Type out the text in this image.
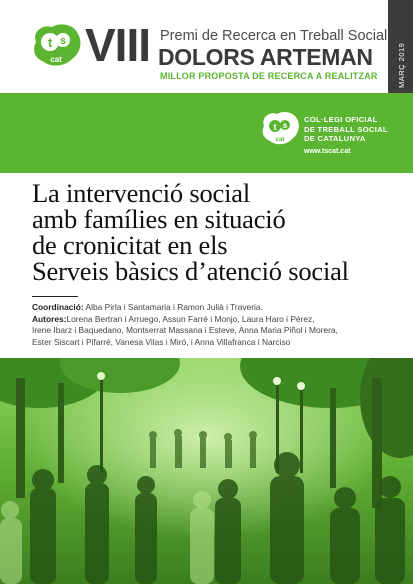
t s
cat VIII Premi de Recerca en Treball Social
DOLORS ARTEMAN
MILLOR PROPOSTA DE RECERCA A REALITZAR	MARÇ 2019
t s
cat
COL·LEGI OFICIAL
DE TREBALL SOCIAL
DE CATALUNYA
www.tscat.cat
La intervenció social
amb famílies en situació
de cronicitat en els
Serveis bàsics d’atenció social
Coordinació: Alba Pirla i Santamaria i Ramon Julià i Traveria.
Autores:Lorena Bertran i Arruego, Assun Farré i Monjo, Laura Haro i Pérez,
Irene Ibarz i Baquedano, Montserrat Massana i Esteve, Anna Maria Piñol i Morera,
Ester Siscart i Pifarré, Vanesa Vilas i Miró, i Anna Villafranca i Narciso
